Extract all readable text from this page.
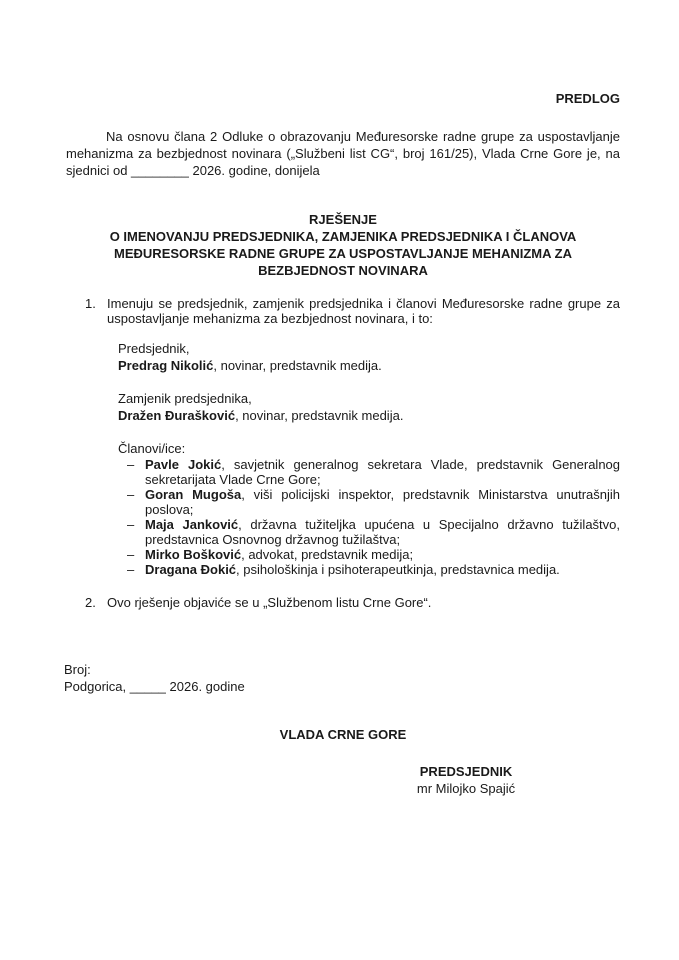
PREDLOG

Na osnovu člana 2 Odluke o obrazovanju Međuresorske radne grupe za uspostavljanje mehanizma za bezbjednost novinara („Službeni list CG“, broj 161/25), Vlada Crne Gore je, na sjednici od ________ 2026. godine, donijela

RJEŠENJE

O IMENOVANJU PREDSJEDNIKA, ZAMJENIKA PREDSJEDNIKA I ČLANOVA MEĐURESORSKE RADNE GRUPE ZA USPOSTAVLJANJE MEHANIZMA ZA BEZBJEDNOST NOVINARA

1. Imenuju se predsjednik, zamjenik predsjednika i članovi Međuresorske radne grupe za uspostavljanje mehanizma za bezbjednost novinara, i to:

Predsjednik,

Predrag Nikolić, novinar, predstavnik medija.

Zamjenik predsjednika,

Dražen Đurašković, novinar, predstavnik medija.

Članovi/ice:

– Pavle Jokić, savjetnik generalnog sekretara Vlade, predstavnik Generalnog sekretarijata Vlade Crne Gore;
– Goran Mugoša, viši policijski inspektor, predstavnik Ministarstva unutrašnjih poslova;
– Maja Janković, državna tužiteljka upućena u Specijalno državno tužilaštvo, predstavnica Osnovnog državnog tužilaštva;
– Mirko Bošković, advokat, predstavnik medija;
– Dragana Đokić, psihološkinja i psihoterapeutkinja, predstavnica medija.
2. Ovo rješenje objaviće se u „Službenom listu Crne Gore“.

Broj:

Podgorica, _____ 2026. godine

VLADA CRNE GORE

PREDSJEDNIK

mr Milojko Spajić
